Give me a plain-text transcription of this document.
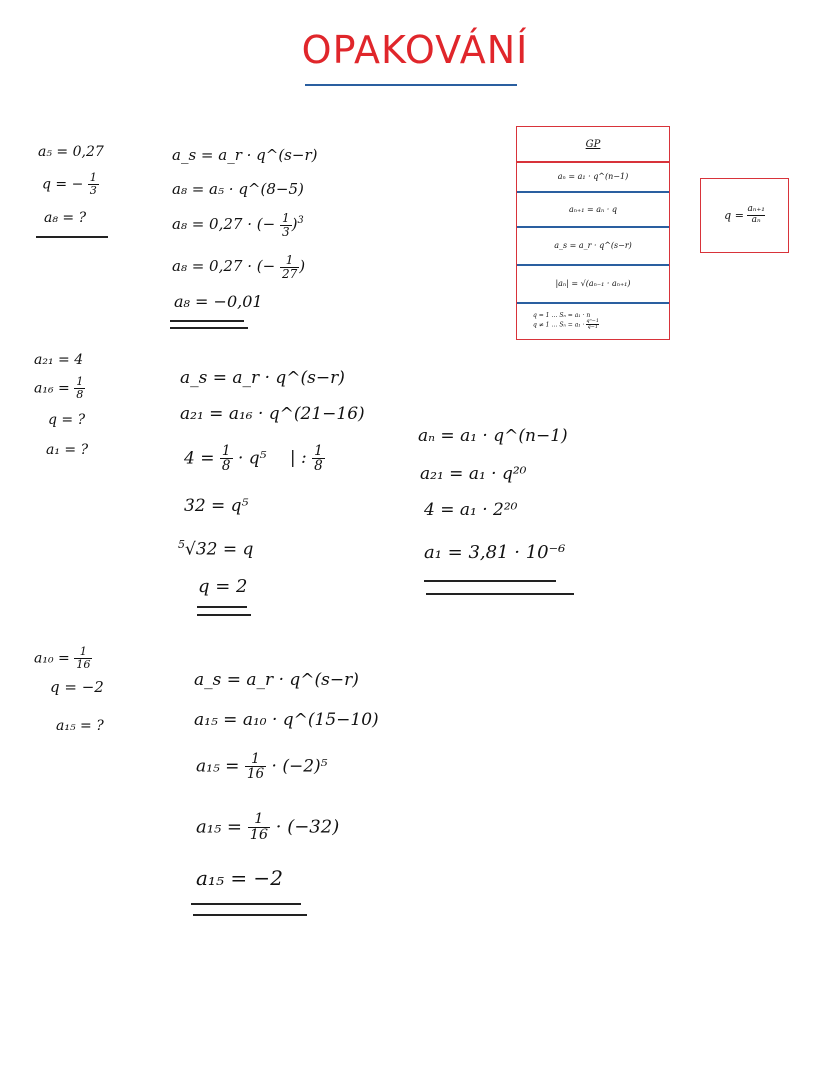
OPAKOVÁNÍ
a₅ = 0,27
q = − $\frac{1}{3}$
a₈ = ?
a_s = a_r · q^(s−r)
a₈ = a₅ · q^(8−5)
a₈ = 0,27 · (− $\frac{1}{3} )^3$
a₈ = 0,27 · (− $\frac{1}{27}$ )
a₈ = −0,01
a₂₁ = 4
$a_{16} = \frac{1}{8}$
q = ?
a₁ = ?
a_s = a_r · q^(s−r)
a₂₁ = a₁₆ · q^(21−16)
$4 = \frac{1}{8} \cdot q^5$ | : $\frac{1}{8}$
32 = q⁵
$^5$√32 = q
q = 2
aₙ = a₁ · q^(n−1)
a₂₁ = a₁ · q²⁰
4 = a₁ · 2²⁰
a₁ = 3,81 · 10⁻⁶
$a_{10} = \frac{1}{16}$
q = −2
a₁₅ = ?
a_s = a_r · q^(s−r)
a₁₅ = a₁₀ · q^(15−10)
$a_{15} = \frac{1}{16} \cdot (-2)^5$
$a_{15} = \frac{1}{16} \cdot (-32)$
a₁₅ = −2
GP
aₙ = a₁ · q^(n−1)
aₙ₊₁ = aₙ · q
a_s = a_r · q^(s−r)
|aₙ| = √(aₙ₋₁ · aₙ₊₁)
q = 1 … Sₙ = a₁ · n
q ≠ 1 … $S_n = a_1 \cdot \frac{\text{qⁿ−1}}{q-1}$
q =
$\frac{\text{aₙ₊₁}}{\text{aₙ}}$
